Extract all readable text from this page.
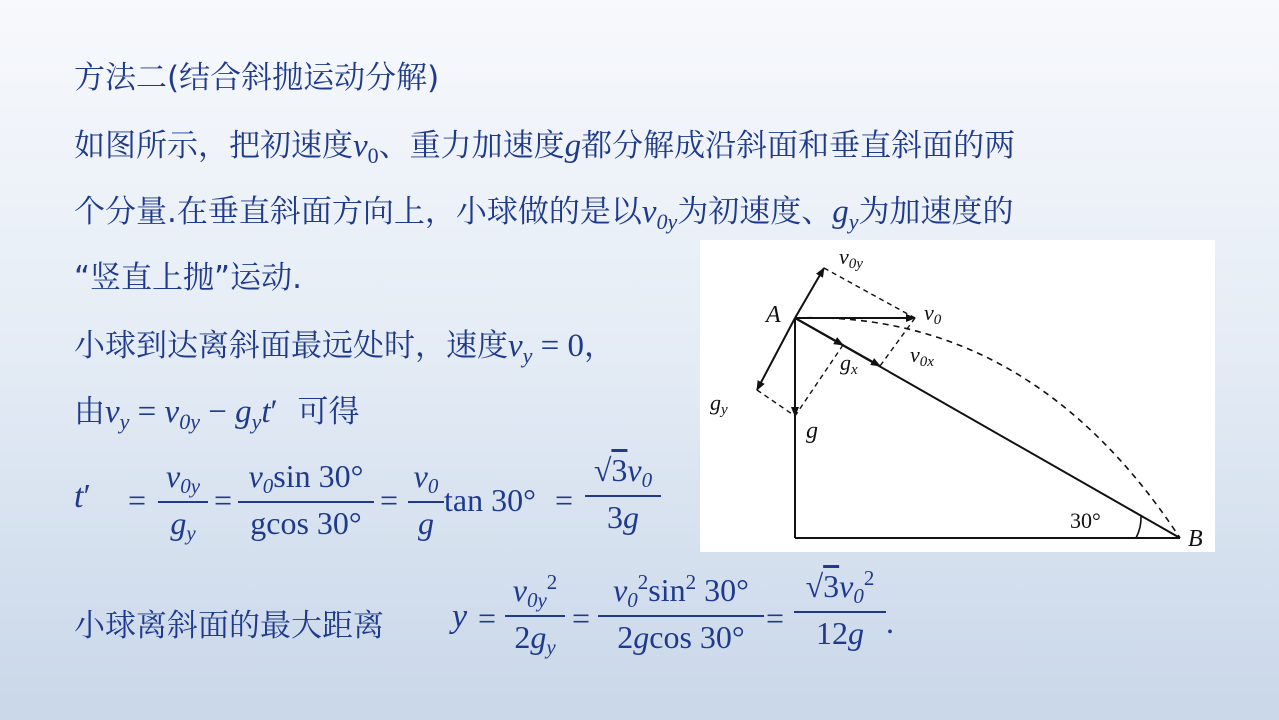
方法二(结合斜抛运动分解)
如图所示，把初速度$v_0$、重力加速度g都分解成沿斜面和垂直斜面的两
个分量.在垂直斜面方向上，小球做的是以$v_{0y}$为初速度、$g_y$为加速度的
“竖直上抛”运动.
小球到达离斜面最远处时，速度$v_y = 0$，
由$v_y = v_{0y} - g_yt'$ 可得
t′ =
v0y
gy
=
v0sin 30°
gcos 30°
=
v0
g
tan 30° =
√3v0
3g
小球离斜面的最大距离 y =
$v0y^2$
2gy
=
$v0^2\sin^2$ 30°
2gcos 30°
=
$√3v0^2$
12g .
A
B
v0y
v0
v0x
gx
gy
g
30°
